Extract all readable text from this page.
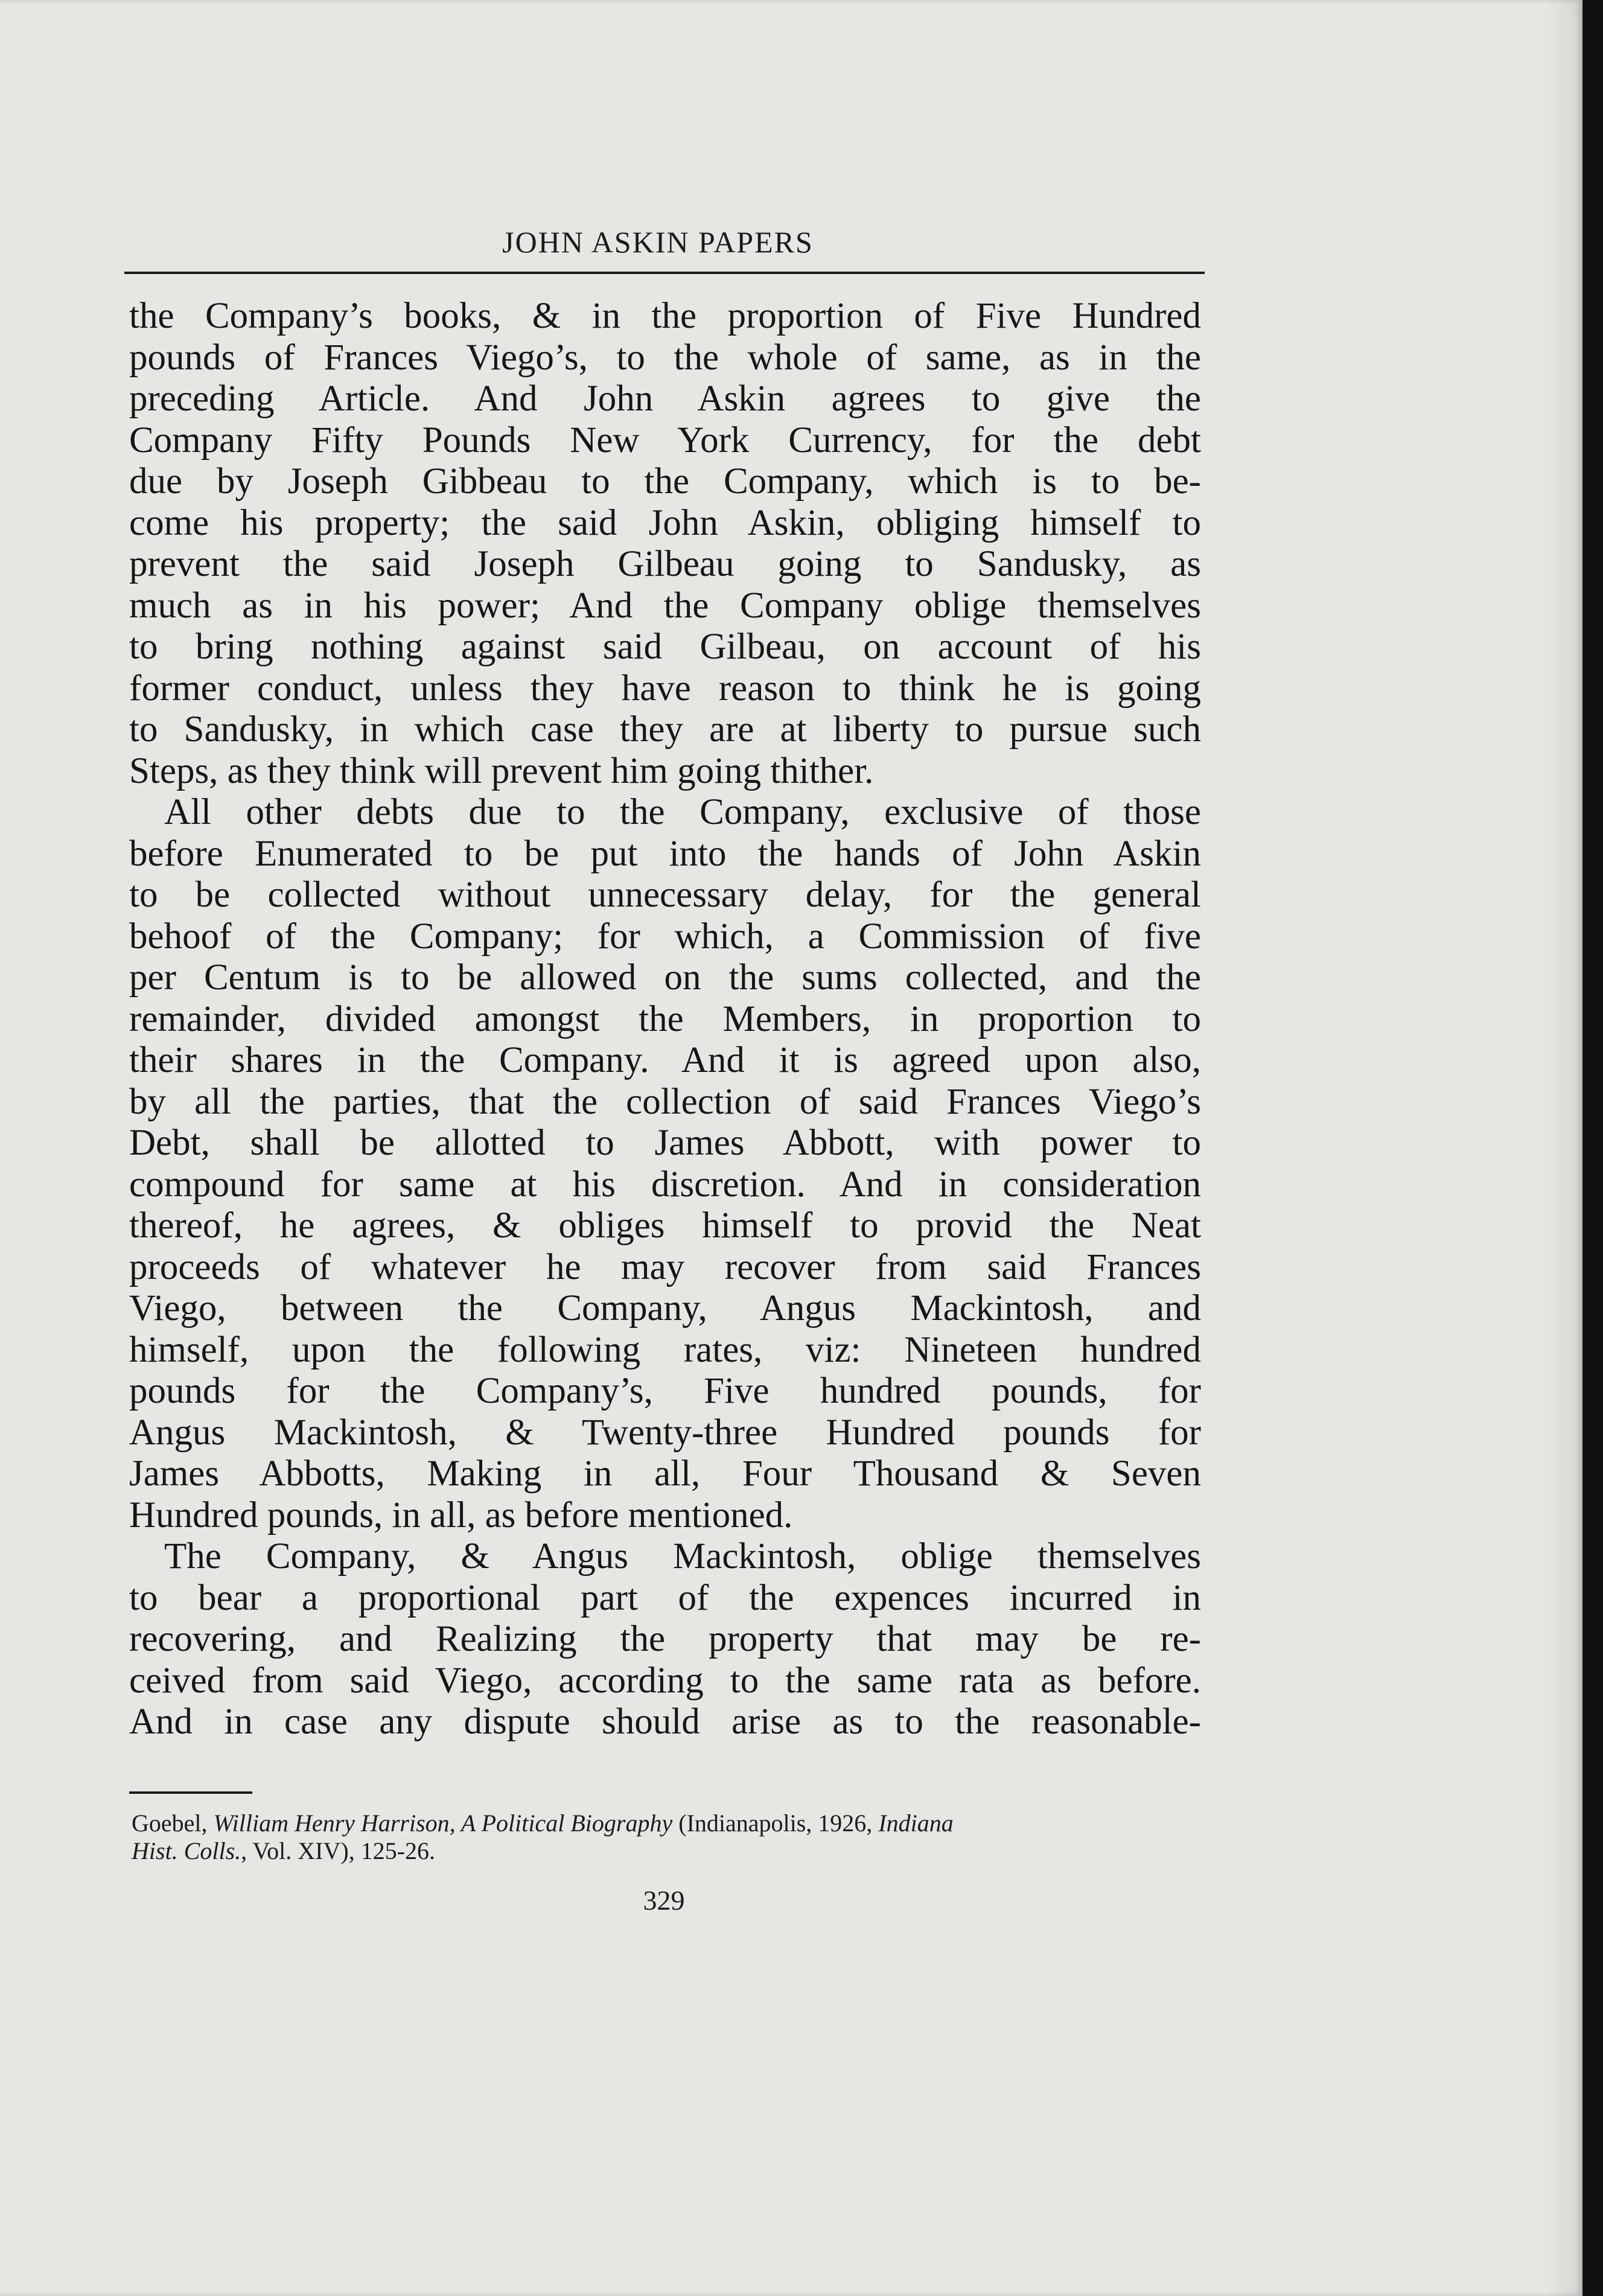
JOHN ASKIN PAPERS
the Company’s books, & in the proportion of Five Hundred
pounds of Frances Viego’s, to the whole of same, as in the
preceding Article. And John Askin agrees to give the
Company Fifty Pounds New York Currency, for the debt
due by Joseph Gibbeau to the Company, which is to be-
come his property; the said John Askin, obliging himself to
prevent the said Joseph Gilbeau going to Sandusky, as
much as in his power; And the Company oblige themselves
to bring nothing against said Gilbeau, on account of his
former conduct, unless they have reason to think he is going
to Sandusky, in which case they are at liberty to pursue such
Steps, as they think will prevent him going thither.
All other debts due to the Company, exclusive of those
before Enumerated to be put into the hands of John Askin
to be collected without unnecessary delay, for the general
behoof of the Company; for which, a Commission of five
per Centum is to be allowed on the sums collected, and the
remainder, divided amongst the Members, in proportion to
their shares in the Company. And it is agreed upon also,
by all the parties, that the collection of said Frances Viego’s
Debt, shall be allotted to James Abbott, with power to
compound for same at his discretion. And in consideration
thereof, he agrees, & obliges himself to provid the Neat
proceeds of whatever he may recover from said Frances
Viego, between the Company, Angus Mackintosh, and
himself, upon the following rates, viz: Nineteen hundred
pounds for the Company’s, Five hundred pounds, for
Angus Mackintosh, & Twenty-three Hundred pounds for
James Abbotts, Making in all, Four Thousand & Seven
Hundred pounds, in all, as before mentioned.
The Company, & Angus Mackintosh, oblige themselves
to bear a proportional part of the expences incurred in
recovering, and Realizing the property that may be re-
ceived from said Viego, according to the same rata as before.
And in case any dispute should arise as to the reasonable-
Goebel, William Henry Harrison, A Political Biography (Indianapolis, 1926, Indiana
Hist. Colls., Vol. XIV), 125-26.
329
